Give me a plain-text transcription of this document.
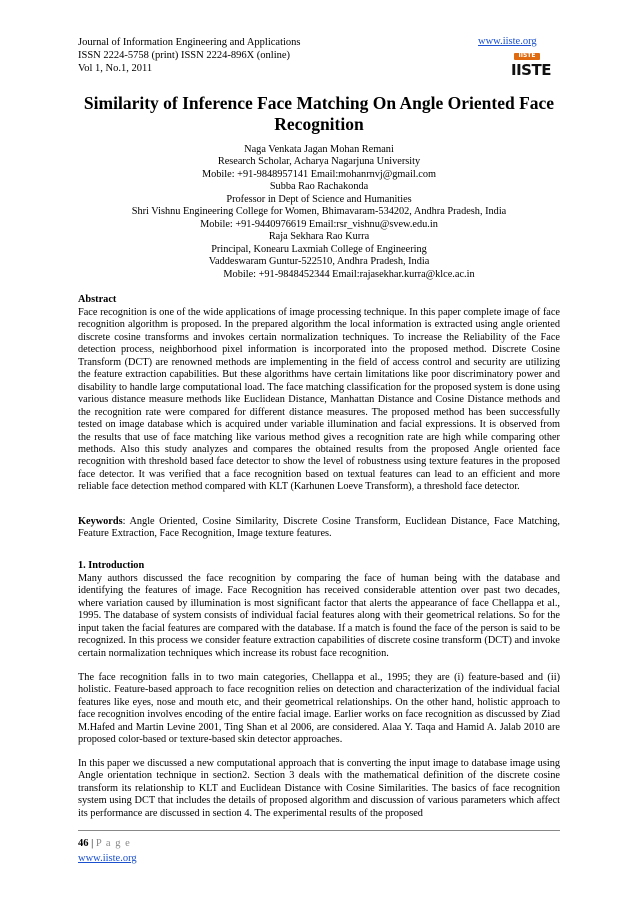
Journal of Information Engineering and Applications
ISSN 2224-5758 (print) ISSN 2224-896X (online)
Vol 1, No.1, 2011
www.iiste.org
IISTE
IISTE
Similarity of Inference Face Matching On Angle Oriented Face Recognition
Naga Venkata Jagan Mohan Remani
Research Scholar, Acharya Nagarjuna University
Mobile: +91-9848957141 Email:mohanrnvj@gmail.com
Subba Rao Rachakonda
Professor in Dept of Science and Humanities
Shri Vishnu Engineering College for Women, Bhimavaram-534202, Andhra Pradesh, India
Mobile: +91-9440976619 Email:rsr_vishnu@svew.edu.in
Raja Sekhara Rao Kurra
Principal, Konearu Laxmiah College of Engineering
Vaddeswaram Guntur-522510, Andhra Pradesh, India
Mobile: +91-9848452344 Email:rajasekhar.kurra@klce.ac.in
Abstract
Face recognition is one of the wide applications of image processing technique. In this paper complete image of face recognition algorithm is proposed. In the prepared algorithm the local information is extracted using angle oriented discrete cosine transforms and invokes certain normalization techniques. To increase the Reliability of the Face detection process, neighborhood pixel information is incorporated into the proposed method. Discrete Cosine Transform (DCT) are renowned methods are implementing in the field of access control and security are utilizing the feature extraction capabilities. But these algorithms have certain limitations like poor discriminatory power and disability to handle large computational load. The face matching classification for the proposed system is done using various distance measure methods like Euclidean Distance, Manhattan Distance and Cosine Distance methods and the recognition rate were compared for different distance measures. The proposed method has been successfully tested on image database which is acquired under variable illumination and facial expressions. It is observed from the results that use of face matching like various method gives a recognition rate are high while comparing other methods. Also this study analyzes and compares the obtained results from the proposed Angle oriented face recognition with threshold based face detector to show the level of robustness using texture features in the proposed face detector. It was verified that a face recognition based on textual features can lead to an efficient and more reliable face detection method compared with KLT (Karhunen Loeve Transform), a threshold face detector.
Keywords: Angle Oriented, Cosine Similarity, Discrete Cosine Transform, Euclidean Distance, Face Matching, Feature Extraction, Face Recognition, Image texture features.
1. Introduction
Many authors discussed the face recognition by comparing the face of human being with the database and identifying the features of image. Face Recognition has received considerable attention over past two decades, where variation caused by illumination is most significant factor that alerts the appearance of face Chellappa et al., 1995. The database of system consists of individual facial features along with their geometrical relations. So for the input taken the facial features are compared with the database. If a match is found the face of the person is said to be recognized. In this process we consider feature extraction capabilities of discrete cosine transform (DCT) and invoke certain normalization techniques which increase its robust face recognition.
The face recognition falls in to two main categories, Chellappa et al., 1995; they are (i) feature-based and (ii) holistic. Feature-based approach to face recognition relies on detection and characterization of the individual facial features like eyes, nose and mouth etc, and their geometrical relationships. On the other hand, holistic approach to face recognition involves encoding of the entire facial image. Earlier works on face recognition as discussed by Ziad M.Hafed and Martin Levine 2001, Ting Shan et al 2006, are considered. Alaa Y. Taqa and Hamid A. Jalab 2010 are proposed color-based or texture-based skin detector approaches.
In this paper we discussed a new computational approach that is converting the input image to database image using Angle orientation technique in section2. Section 3 deals with the mathematical definition of the discrete cosine transform its relationship to KLT and Euclidean Distance with Cosine Similarities. The basics of face recognition system using DCT that includes the details of proposed algorithm and discussion of various parameters which affect its performance are discussed in section 4. The experimental results of the proposed
46 | P a g e
www.iiste.org
